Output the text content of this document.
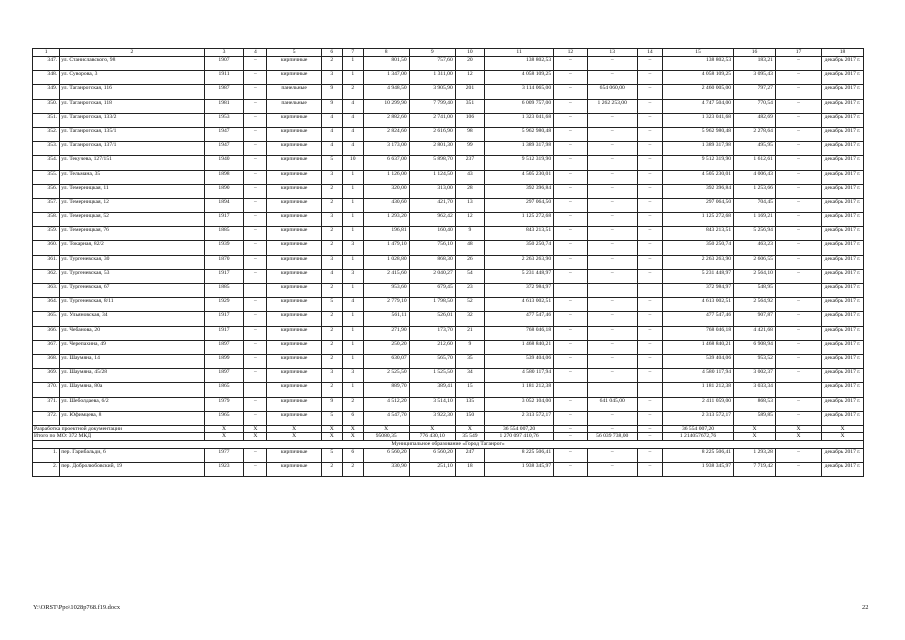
1	2	3	4	5	6	7	8	9	10	11	12	13	14	15	16	17	18
347.	ул. Станиславского, 98	1907	–	кирпичные	2	1	801,50	757,60	20	138 802,53	–	–	–	138 802,53	183,21	–	декабрь 2017 г.
348.	ул. Суворова, 3	1911	–	кирпичные	3	1	1 347,00	1 311,00	12	4 058 109,25	–	–	–	4 058 109,25	3 095,43	–	декабрь 2017 г.
349.	ул. Таганрогская, 116	1987	–	панельные	9	2	4 948,50	3 905,90	201	3 114 065,00	–	654 060,00	–	2 460 005,00	797,27	–	декабрь 2017 г.
350.	ул. Таганрогская, 118	1981	–	панельные	9	4	10 299,90	7 799,40	351	6 009 757,00	–	1 262 253,00	–	4 747 504,00	770,54	–	декабрь 2017 г.
351.	ул. Таганрогская, 133/2	1953	–	кирпичные	4	4	2 882,60	2 741,00	106	1 323 041,68	–	–	–	1 323 041,68	482,69	–	декабрь 2017 г.
352.	ул. Таганрогская, 135/1	1947	–	кирпичные	4	4	2 824,60	2 616,90	98	5 962 980,48	–	–	–	5 962 980,48	2 278,64	–	декабрь 2017 г.
353.	ул. Таганрогская, 137/1	1947	–	кирпичные	4	4	3 173,00	2 801,30	99	1 389 317,98	–	–	–	1 389 317,98	495,95	–	декабрь 2017 г.
354.	ул. Текучева, 127/151	1940	–	кирпичные	5	10	6 637,00	5 898,70	237	9 512 319,90	–	–	–	9 512 319,90	1 612,61	–	декабрь 2017 г.
355.	ул. Тельмана, 35	1898	–	кирпичные	3	1	1 126,00	1 124,50	43	4 505 230,01	–	–	–	4 505 230,01	4 006,43	–	декабрь 2017 г.
356.	ул. Темерницкая, 11	1890	–	кирпичные	2	1	320,00	313,00	28	392 396,84	–	–	–	392 396,84	1 253,66	–	декабрь 2017 г.
357.	ул. Темерницкая, 12	1894	–	кирпичные	2	1	430,60	421,70	13	297 064,50	–	–	–	297 064,50	704,45	–	декабрь 2017 г.
358.	ул. Темерницкая, 52	1917	–	кирпичные	3	1	1 293,20	962,42	12	1 125 272,68	–	–	–	1 125 272,68	1 169,21	–	декабрь 2017 г.
359.	ул. Темерницкая, 76	1885	–	кирпичные	2	1	196,81	160,40	9	843 213,51	–	–	–	843 213,51	5 256,94	–	декабрь 2017 г.
360.	ул. Токарная, 82/2	1939	–	кирпичные	2	3	1 479,10	756,10	48	350 250,74	–	–	–	350 250,74	463,23	–	декабрь 2017 г.
361.	ул. Тургеневская, 30	1870	–	кирпичные	3	1	1 028,80	868,30	26	2 263 263,90	–	–	–	2 263 263,90	2 606,55	–	декабрь 2017 г.
362.	ул. Тургеневская, 53	1917	–	кирпичные	4	3	2 415,60	2 040,27	54	5 231 448,97	–	–	–	5 231 448,97	2 564,10	–	декабрь 2017 г.
363.	ул. Тургеневская, 67	1885		кирпичные	2	1	953,60	679,45	23	372 984,97				372 984,97	548,95		декабрь 2017 г.
364.	ул. Тургеневская, 8/11	1929	–	кирпичные	5	4	2 779,10	1 798,50	52	4 613 002,51	–	–	–	4 613 002,51	2 564,92	–	декабрь 2017 г.
365.	ул. Ульяновская, 34	1917	–	кирпичные	2	1	561,11	526,01	32	477 547,46	–	–	–	477 547,46	907,87	–	декабрь 2017 г.
366.	ул. Чебанова, 20	1917	–	кирпичные	2	1	271,90	173,70	21	768 046,18	–	–	–	768 046,18	4 421,68	–	декабрь 2017 г.
367.	ул. Черепахина, 49	1897	–	кирпичные	2	1	250,20	212,60	9	1 468 840,21	–	–	–	1 468 840,21	6 908,94	–	декабрь 2017 г.
368.	ул. Шаумяна, 14	1899	–	кирпичные	2	1	630,07	565,70	35	539 404,06	–	–	–	539 404,06	953,52	–	декабрь 2017 г.
369.	ул. Шаумяна, 45/28	1897	–	кирпичные	3	3	2 525,50	1 525,50	34	4 580 117,94	–	–	–	4 580 117,94	3 002,37	–	декабрь 2017 г.
370.	ул. Шаумяна, 80а	1865		кирпичные	2	1	889,70	389,41	15	1 181 212,38				1 181 212,38	3 033,34		декабрь 2017 г.
371.	ул. Шеболдаева, 6/2	1979	–	кирпичные	9	2	4 512,20	3 514,10	135	3 052 104,00	–	641 045,00	–	2 411 059,00	868,53	–	декабрь 2017 г.
372.	ул. Юфимцева, 8	1965	–	кирпичные	5	6	4 547,70	3 922,30	150	2 313 572,17	–	–	–	2 313 572,17	589,85	–	декабрь 2017 г.
Разработка проектной документации		X	X	X	X	X	X	X	X	36 554 007,20	–	–	–	36 554 007,20	X	X	X
Итого по МО: 372 МКД		X	X	X	X	X	95080,35	776 430,10	35 549	1 270 097 410,76	–	56 039 738,00	–	1 214057672,76	X	X	X
Муниципальное образование «Город Таганрог»																	
1.	пер. Гарибальди, 6	1977	–	кирпичные	5	6	6 560,20	6 560,20	247	8 225 506,41	–	–	–	8 225 506,41	1 293,28	–	декабрь 2017 г.
2.	пер. Добролюбовский, 19	1923	–	кирпичные	2	2	330,90	251,10	18	1 938 345,97	–	–	–	1 938 345,97	7 719,42	–	декабрь 2017 г.
Y:\ORST\Ppo\1028p768.f19.docx	22
